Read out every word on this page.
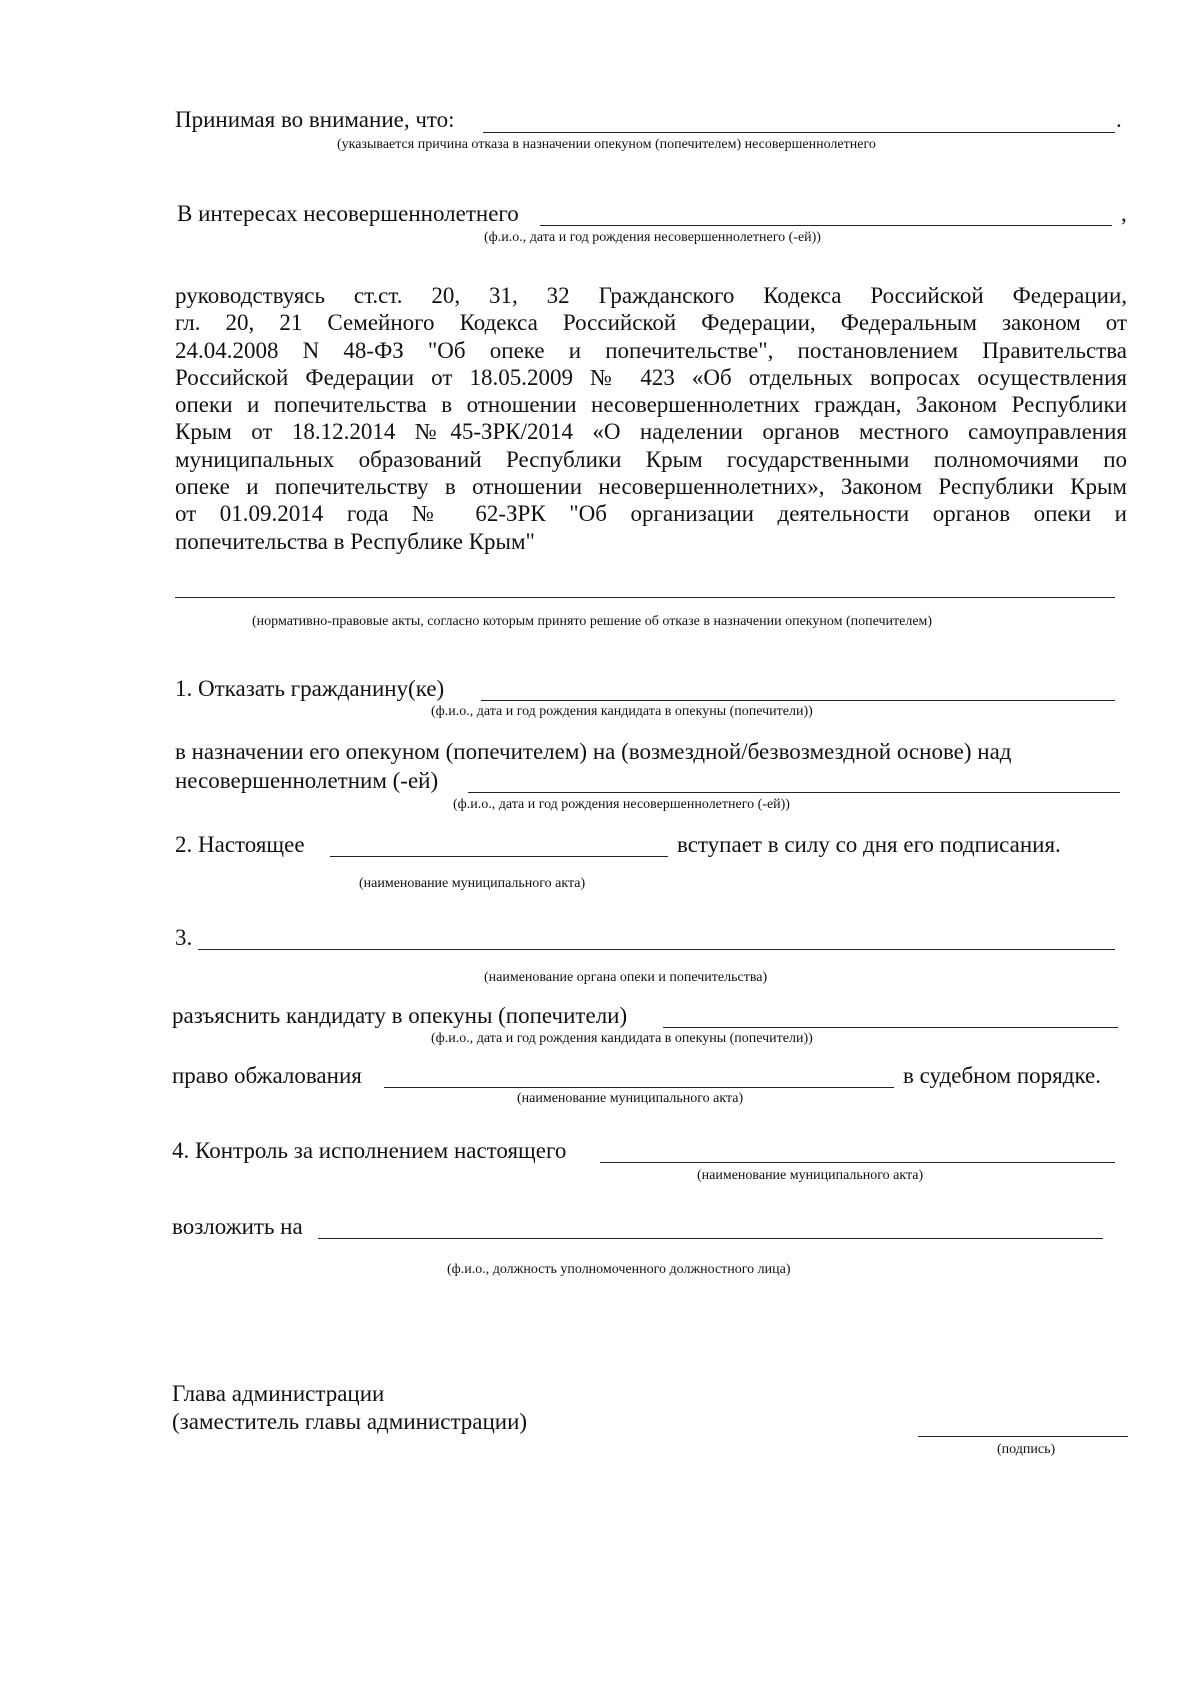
Принимая во внимание, что:	.
(указывается причина отказа в назначении опекуном (попечителем) несовершеннолетнего
В интересах несовершеннолетнего	,
(ф.и.о., дата и год рождения несовершеннолетнего (-ей))
руководствуясь ст.ст. 20, 31, 32 Гражданского Кодекса Российской Федерации,
гл. 20, 21 Семейного Кодекса Российской Федерации, Федеральным законом от
24.04.2008 N 48-ФЗ "Об опеке и попечительстве", постановлением Правительства
Российской Федерации от 18.05.2009 № 423 «Об отдельных вопросах осуществления
опеки и попечительства в отношении несовершеннолетних граждан, Законом Республики
Крым от 18.12.2014 №45-ЗРК/2014 «О наделении органов местного самоуправления
муниципальных образований Республики Крым государственными полномочиями по
опеке и попечительству в отношении несовершеннолетних», Законом Республики Крым
от 01.09.2014 года № 62-ЗРК "Об организации деятельности органов опеки и
попечительства в Республике Крым"
(нормативно-правовые акты, согласно которым принято решение об отказе в назначении опекуном (попечителем)
1. Отказать гражданину(ке)
(ф.и.о., дата и год рождения кандидата в опекуны (попечители))
в назначении его опекуном (попечителем) на (возмездной/безвозмездной основе) над
несовершеннолетним (-ей)
(ф.и.о., дата и год рождения несовершеннолетнего (-ей))
2. Настоящее	вступает в силу со дня его подписания.
(наименование муниципального акта)
3.
(наименование органа опеки и попечительства)
разъяснить кандидату в опекуны (попечители)
(ф.и.о., дата и год рождения кандидата в опекуны (попечители))
право обжалования	в судебном порядке.
(наименование муниципального акта)
4. Контроль за исполнением настоящего
(наименование муниципального акта)
возложить на
(ф.и.о., должность уполномоченного должностного лица)
Глава администрации
(заместитель главы администрации)
(подпись)
